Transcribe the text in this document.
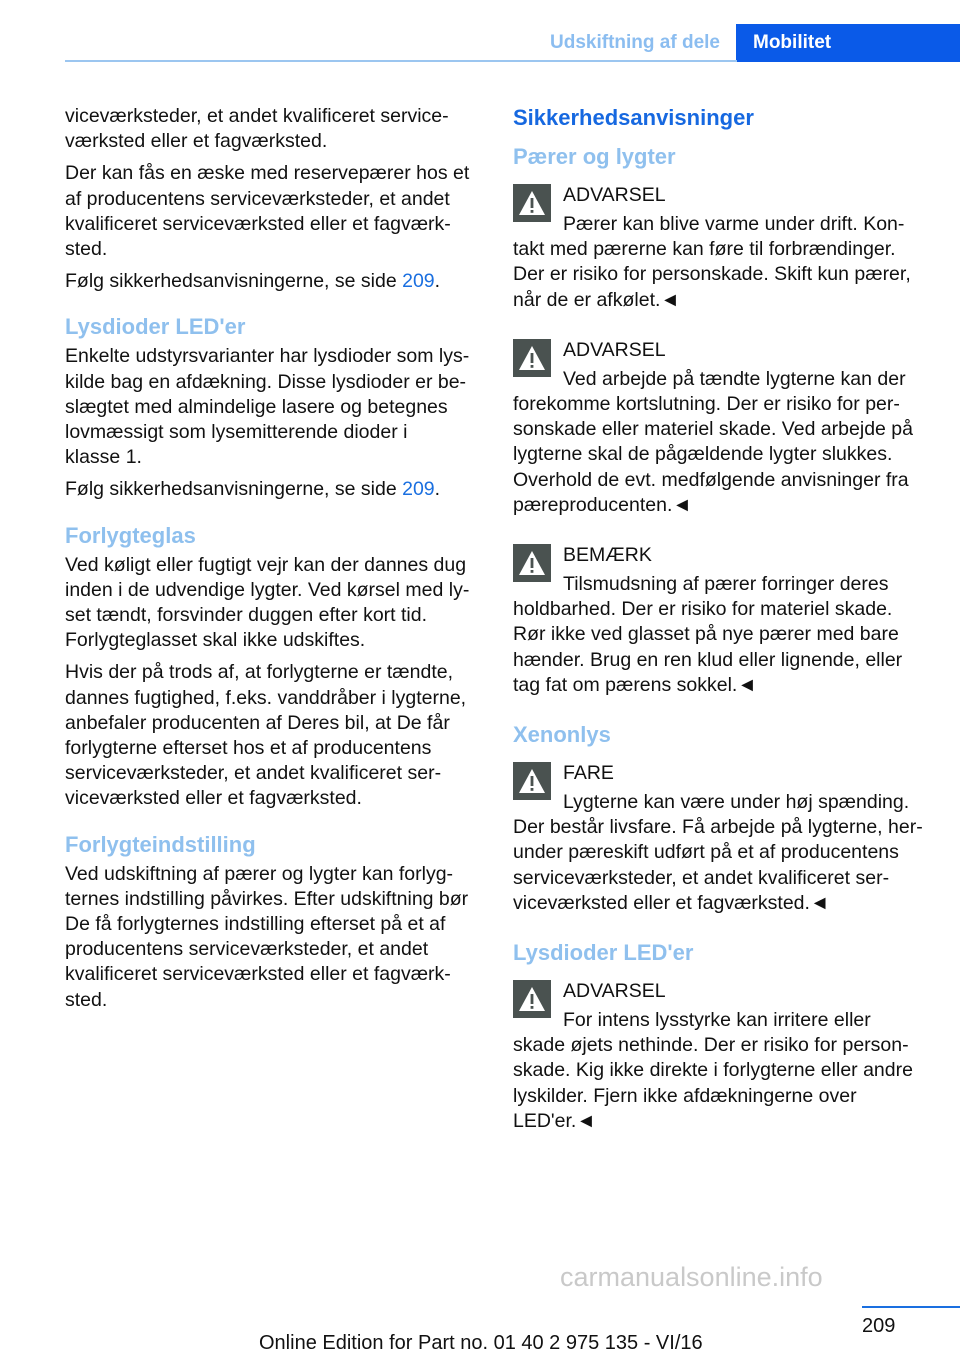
Udskiftning af dele	Mobilitet

viceværksteder, et andet kvalificeret service-
værksted eller et fagværksted.

Der kan fås en æske med reservepærer hos et
af producentens serviceværksteder, et andet
kvalificeret serviceværksted eller et fagværk-
sted.

Følg sikkerhedsanvisningerne, se side 209.

Lysdioder LED'er

Enkelte udstyrsvarianter har lysdioder som lys-
kilde bag en afdækning. Disse lysdioder er be-
slægtet med almindelige lasere og betegnes
lovmæssigt som lysemitterende dioder i
klasse 1.

Følg sikkerhedsanvisningerne, se side 209.

Forlygteglas

Ved køligt eller fugtigt vejr kan der dannes dug
inden i de udvendige lygter. Ved kørsel med ly-
set tændt, forsvinder duggen efter kort tid.
Forlygteglasset skal ikke udskiftes.

Hvis der på trods af, at forlygterne er tændte,
dannes fugtighed, f.eks. vanddråber i lygterne,
anbefaler producenten af Deres bil, at De får
forlygterne efterset hos et af producentens
serviceværksteder, et andet kvalificeret ser-
viceværksted eller et fagværksted.

Forlygteindstilling

Ved udskiftning af pærer og lygter kan forlyg-
ternes indstilling påvirkes. Efter udskiftning bør
De få forlygternes indstilling efterset på et af
producentens serviceværksteder, et andet
kvalificeret serviceværksted eller et fagværk-
sted.

Sikkerhedsanvisninger
Pærer og lygter
ADVARSEL
Pærer kan blive varme under drift. Kon-
takt med pærerne kan føre til forbrændinger.
Der er risiko for personskade. Skift kun pærer,
når de er afkølet.◄
ADVARSEL
Ved arbejde på tændte lygterne kan der
forekomme kortslutning. Der er risiko for per-
sonskade eller materiel skade. Ved arbejde på
lygterne skal de pågældende lygter slukkes.
Overhold de evt. medfølgende anvisninger fra
pæreproducenten.◄
BEMÆRK
Tilsmudsning af pærer forringer deres
holdbarhed. Der er risiko for materiel skade.
Rør ikke ved glasset på nye pærer med bare
hænder. Brug en ren klud eller lignende, eller
tag fat om pærens sokkel.◄
Xenonlys
FARE
Lygterne kan være under høj spænding.
Der består livsfare. Få arbejde på lygterne, her-
under pæreskift udført på et af producentens
serviceværksteder, et andet kvalificeret ser-
viceværksted eller et fagværksted.◄
Lysdioder LED'er
ADVARSEL
For intens lysstyrke kan irritere eller
skade øjets nethinde. Der er risiko for person-
skade. Kig ikke direkte i forlygterne eller andre
lyskilder. Fjern ikke afdækningerne over
LED'er.◄
209
Online Edition for Part no. 01 40 2 975 135 - VI/16
carmanualsonline.info
